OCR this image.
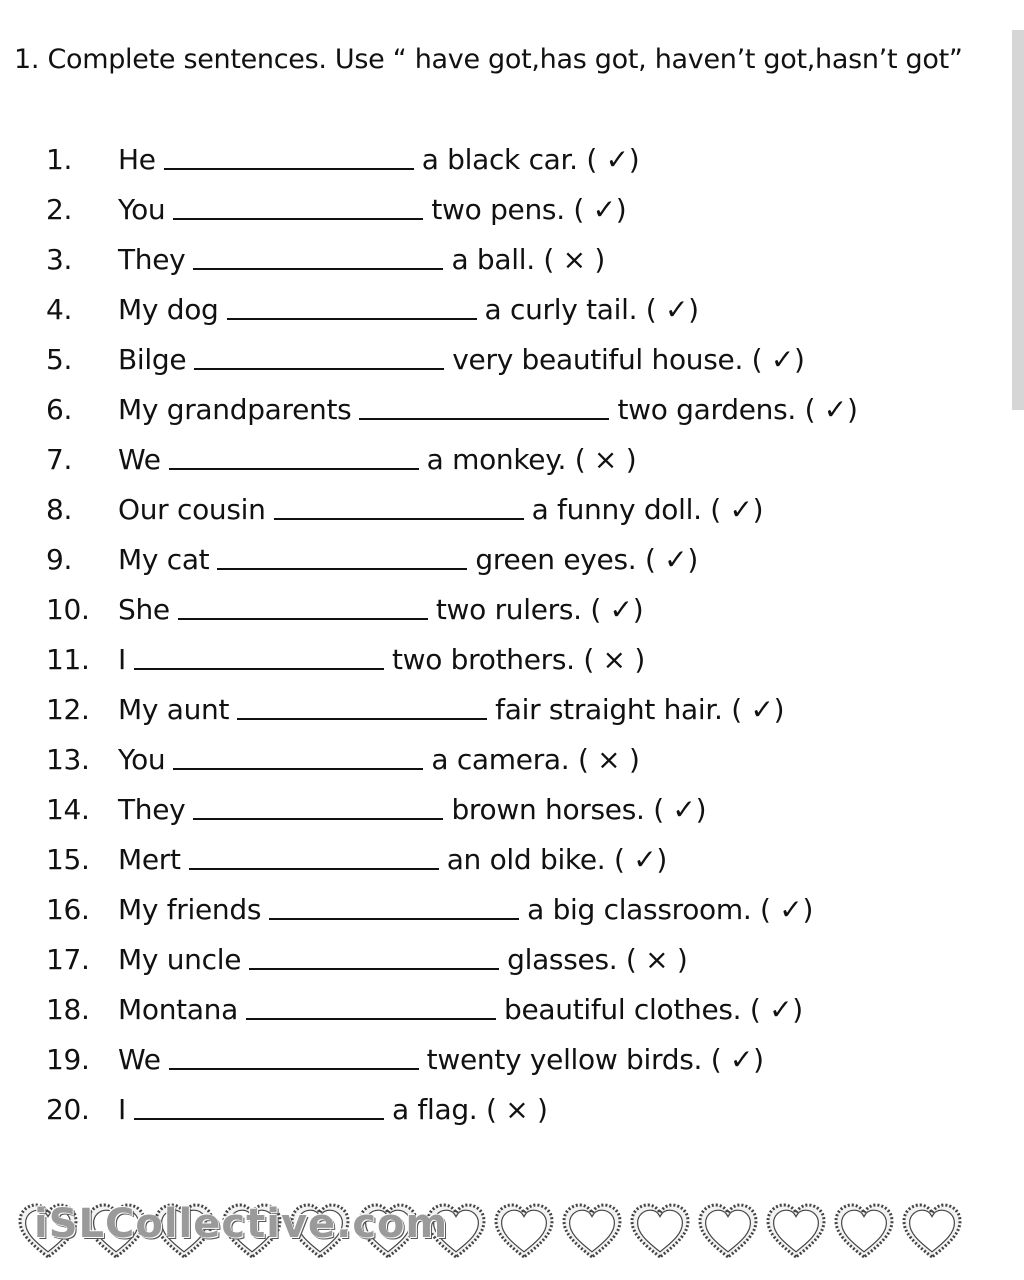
1. Complete sentences. Use “ have got,has got, haven’t got,hasn’t got”
1.	He	a black car. ( ✓)
2.	You	two pens. ( ✓)
3.	They	a ball. ( × )
4.	My dog	a curly tail. ( ✓)
5.	Bilge	very beautiful house. ( ✓)
6.	My grandparents	two gardens. ( ✓)
7.	We	a monkey. ( × )
8.	Our cousin	a funny doll. ( ✓)
9.	My cat	green eyes. ( ✓)
10.	She	two rulers. ( ✓)
11.	I	two brothers. ( × )
12.	My aunt	fair straight hair. ( ✓)
13.	You	a camera. ( × )
14.	They	brown horses. ( ✓)
15.	Mert	an old bike. ( ✓)
16.	My friends	a big classroom. ( ✓)
17.	My uncle	glasses. ( × )
18.	Montana	beautiful clothes. ( ✓)
19.	We	twenty yellow birds. ( ✓)
20.	I	a flag. ( × )
iSLCollective.com
